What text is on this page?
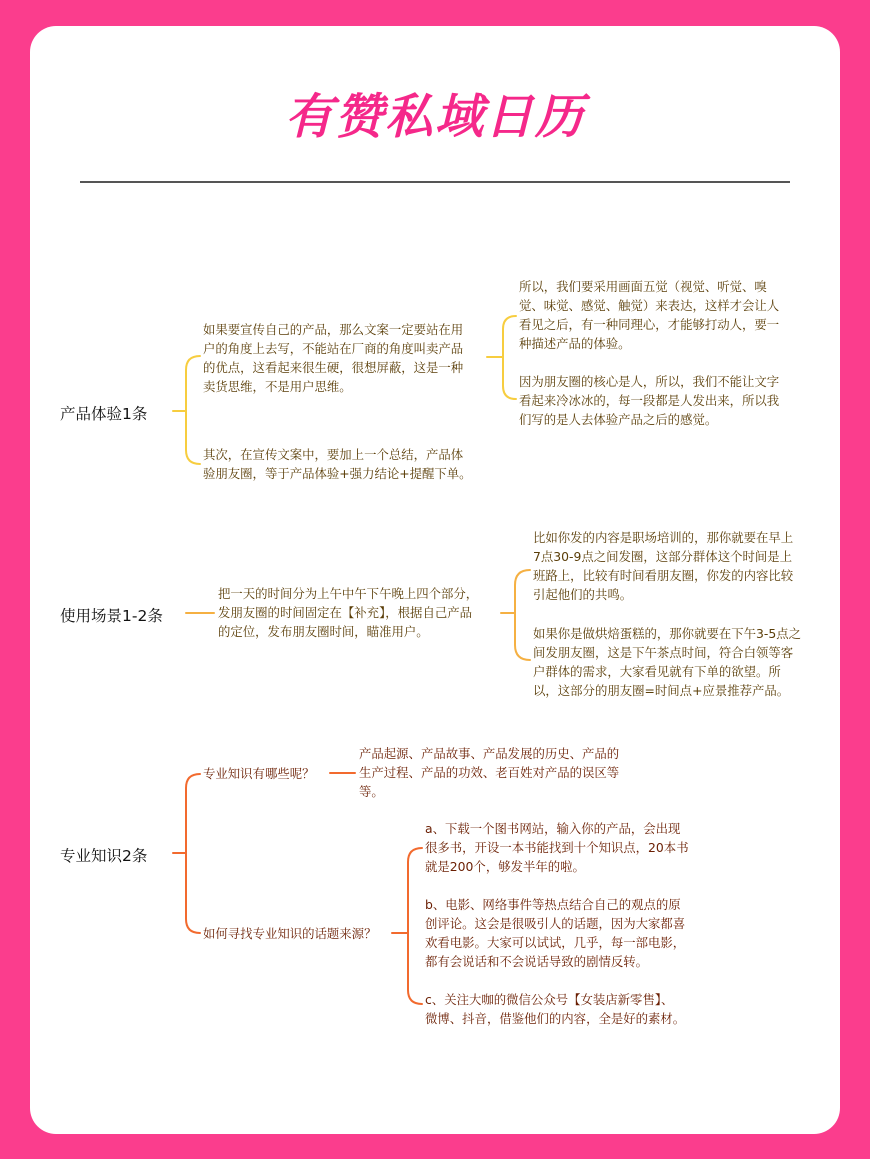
有赞私域日历
产品体验1条
如果要宣传自己的产品，那么文案一定要站在用
户的角度上去写，不能站在厂商的角度叫卖产品
的优点，这看起来很生硬，很想屏蔽，这是一种
卖货思维，不是用户思维。
所以，我们要采用画面五觉（视觉、听觉、嗅
觉、味觉、感觉、触觉）来表达，这样才会让人
看见之后，有一种同理心，才能够打动人，要一
种描述产品的体验。
因为朋友圈的核心是人，所以，我们不能让文字
看起来冷冰冰的，每一段都是人发出来，所以我
们写的是人去体验产品之后的感觉。
其次，在宣传文案中，要加上一个总结，产品体
验朋友圈，等于产品体验+强力结论+提醒下单。
使用场景1-2条
把一天的时间分为上午中午下午晚上四个部分，
发朋友圈的时间固定在【补充】，根据自己产品
的定位，发布朋友圈时间，瞄准用户。
比如你发的内容是职场培训的，那你就要在早上
7点30-9点之间发圈，这部分群体这个时间是上
班路上，比较有时间看朋友圈，你发的内容比较
引起他们的共鸣。
如果你是做烘焙蛋糕的，那你就要在下午3-5点之
间发朋友圈，这是下午茶点时间，符合白领等客
户群体的需求，大家看见就有下单的欲望。所
以，这部分的朋友圈=时间点+应景推荐产品。
专业知识2条
专业知识有哪些呢？
产品起源、产品故事、产品发展的历史、产品的
生产过程、产品的功效、老百姓对产品的误区等
等。
如何寻找专业知识的话题来源？
a、下载一个图书网站，输入你的产品，会出现
很多书，开设一本书能找到十个知识点，20本书
就是200个，够发半年的啦。
b、电影、网络事件等热点结合自己的观点的原
创评论。这会是很吸引人的话题，因为大家都喜
欢看电影。大家可以试试，几乎，每一部电影，
都有会说话和不会说话导致的剧情反转。
c、关注大咖的微信公众号【女装店新零售】、
微博、抖音，借鉴他们的内容，全是好的素材。
